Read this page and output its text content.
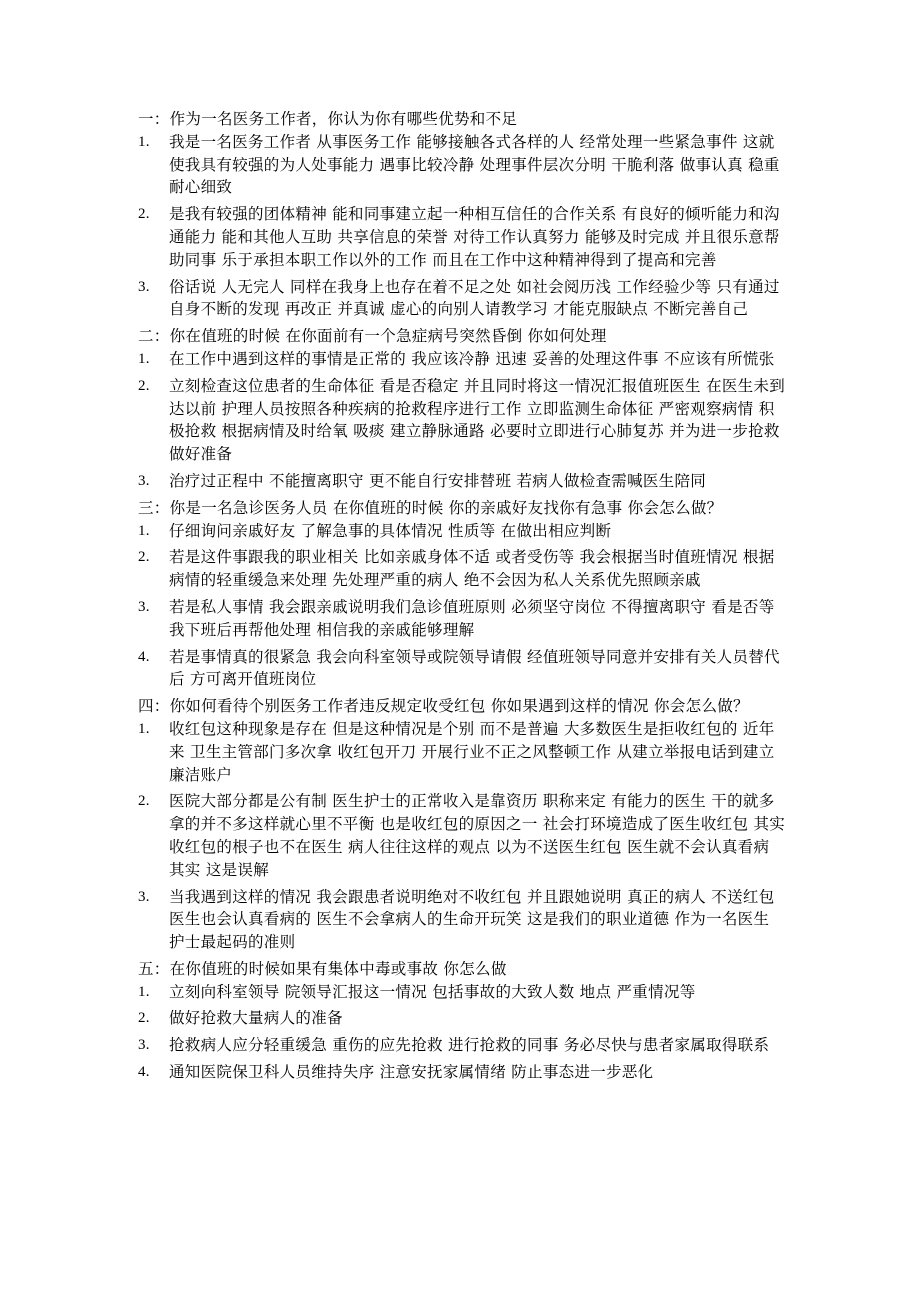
一：作为一名医务工作者，你认为你有哪些优势和不足

1. 我是一名医务工作者 从事医务工作 能够接触各式各样的人 经常处理一些紧急事件 这就使我具有较强的为人处事能力 遇事比较冷静 处理事件层次分明 干脆利落 做事认真 稳重 耐心细致
2. 是我有较强的团体精神 能和同事建立起一种相互信任的合作关系 有良好的倾听能力和沟通能力 能和其他人互助 共享信息的荣誉 对待工作认真努力 能够及时完成 并且很乐意帮助同事 乐于承担本职工作以外的工作 而且在工作中这种精神得到了提高和完善
3. 俗话说 人无完人 同样在我身上也存在着不足之处 如社会阅历浅 工作经验少等 只有通过自身不断的发现 再改正 并真诚 虚心的向别人请教学习 才能克服缺点 不断完善自己

二：你在值班的时候 在你面前有一个急症病号突然昏倒 你如何处理

1. 在工作中遇到这样的事情是正常的 我应该冷静 迅速 妥善的处理这件事 不应该有所慌张
2. 立刻检查这位患者的生命体征 看是否稳定 并且同时将这一情况汇报值班医生 在医生未到达以前 护理人员按照各种疾病的抢救程序进行工作 立即监测生命体征 严密观察病情 积极抢救 根据病情及时给氧 吸痰 建立静脉通路 必要时立即进行心肺复苏 并为进一步抢救做好准备
3. 治疗过正程中 不能擅离职守 更不能自行安排替班 若病人做检查需喊医生陪同

三：你是一名急诊医务人员 在你值班的时候 你的亲戚好友找你有急事 你会怎么做？

1. 仔细询问亲戚好友 了解急事的具体情况 性质等 在做出相应判断
2. 若是这件事跟我的职业相关 比如亲戚身体不适 或者受伤等 我会根据当时值班情况 根据病情的轻重缓急来处理 先处理严重的病人 绝不会因为私人关系优先照顾亲戚
3. 若是私人事情 我会跟亲戚说明我们急诊值班原则 必须坚守岗位 不得擅离职守 看是否等我下班后再帮他处理 相信我的亲戚能够理解
4. 若是事情真的很紧急 我会向科室领导或院领导请假 经值班领导同意并安排有关人员替代后 方可离开值班岗位

四：你如何看待个别医务工作者违反规定收受红包 你如果遇到这样的情况 你会怎么做？

1. 收红包这种现象是存在 但是这种情况是个别 而不是普遍 大多数医生是拒收红包的 近年来 卫生主管部门多次拿 收红包开刀 开展行业不正之风整顿工作 从建立举报电话到建立廉洁账户
2. 医院大部分都是公有制 医生护士的正常收入是靠资历 职称来定 有能力的医生 干的就多 拿的并不多这样就心里不平衡 也是收红包的原因之一 社会打环境造成了医生收红包 其实收红包的根子也不在医生 病人往往这样的观点 以为不送医生红包 医生就不会认真看病 其实 这是误解
3. 当我遇到这样的情况 我会跟患者说明绝对不收红包 并且跟她说明 真正的病人 不送红包 医生也会认真看病的 医生不会拿病人的生命开玩笑 这是我们的职业道德 作为一名医生 护士最起码的准则

五：在你值班的时候如果有集体中毒或事故 你怎么做

1. 立刻向科室领导 院领导汇报这一情况 包括事故的大致人数 地点 严重情况等
2. 做好抢救大量病人的准备
3. 抢救病人应分轻重缓急 重伤的应先抢救 进行抢救的同事 务必尽快与患者家属取得联系
4. 通知医院保卫科人员维持失序 注意安抚家属情绪 防止事态进一步恶化
